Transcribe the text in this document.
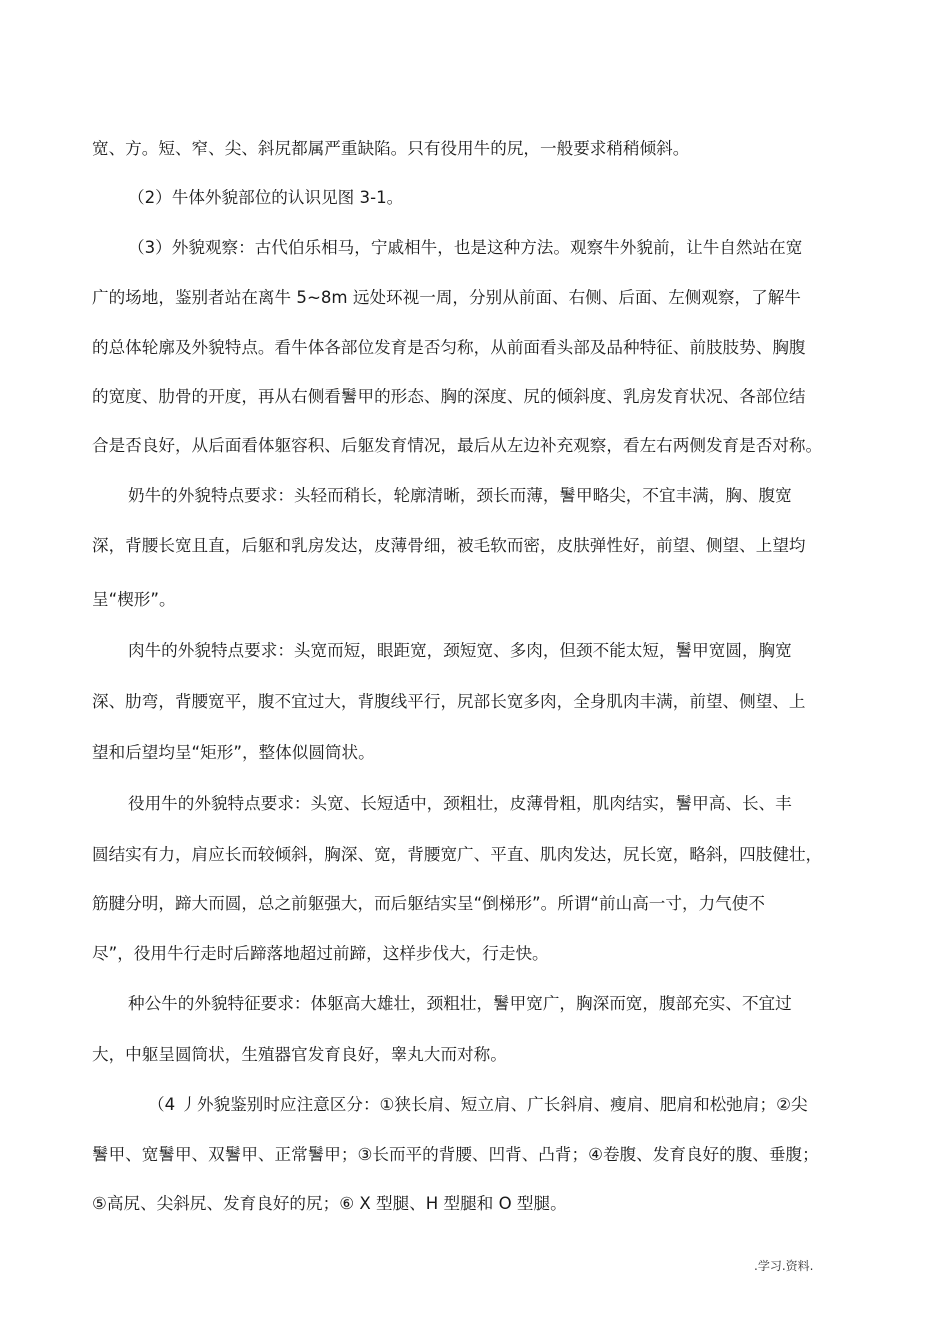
宽、方。短、窄、尖、斜尻都属严重缺陷。只有役用牛的尻，一般要求稍稍倾斜。
（2）牛体外貌部位的认识见图 3-1。
（3）外貌观察：古代伯乐相马，宁戚相牛，也是这种方法。观察牛外貌前，让牛自然站在宽
广的场地，鉴别者站在离牛 5~8m 远处环视一周，分别从前面、右侧、后面、左侧观察，了解牛
的总体轮廓及外貌特点。看牛体各部位发育是否匀称，从前面看头部及品种特征、前肢肢势、胸腹
的宽度、肋骨的开度，再从右侧看鬐甲的形态、胸的深度、尻的倾斜度、乳房发育状况、各部位结
合是否良好，从后面看体躯容积、后躯发育情况，最后从左边补充观察，看左右两侧发育是否对称。
奶牛的外貌特点要求：头轻而稍长，轮廓清晰，颈长而薄，鬐甲略尖，不宜丰满，胸、腹宽
深，背腰长宽且直，后躯和乳房发达，皮薄骨细，被毛软而密，皮肤弹性好，前望、侧望、上望均
呈“楔形”。
肉牛的外貌特点要求：头宽而短，眼距宽，颈短宽、多肉，但颈不能太短，鬐甲宽圆，胸宽
深、肋弯，背腰宽平，腹不宜过大，背腹线平行，尻部长宽多肉，全身肌肉丰满，前望、侧望、上
望和后望均呈“矩形”，整体似圆筒状。
役用牛的外貌特点要求：头宽、长短适中，颈粗壮，皮薄骨粗，肌肉结实，鬐甲高、长、丰
圆结实有力，肩应长而较倾斜，胸深、宽，背腰宽广、平直、肌肉发达，尻长宽，略斜，四肢健壮，
筋腱分明，蹄大而圆，总之前躯强大，而后躯结实呈“倒梯形”。所谓“前山高一寸，力气使不
尽”，役用牛行走时后蹄落地超过前蹄，这样步伐大，行走快。
种公牛的外貌特征要求：体躯高大雄壮，颈粗壮，鬐甲宽广，胸深而宽，腹部充实、不宜过
大，中躯呈圆筒状，生殖器官发育良好，睾丸大而对称。
（4 丿外貌鉴别时应注意区分：①狭长肩、短立肩、广长斜肩、瘦肩、肥肩和松弛肩；②尖
鬐甲、宽鬐甲、双鬐甲、正常鬐甲；③长而平的背腰、凹背、凸背；④卷腹、发育良好的腹、垂腹；
⑤高尻、尖斜尻、发育良好的尻；⑥ X 型腿、H 型腿和 O 型腿。
.学习.资料.
